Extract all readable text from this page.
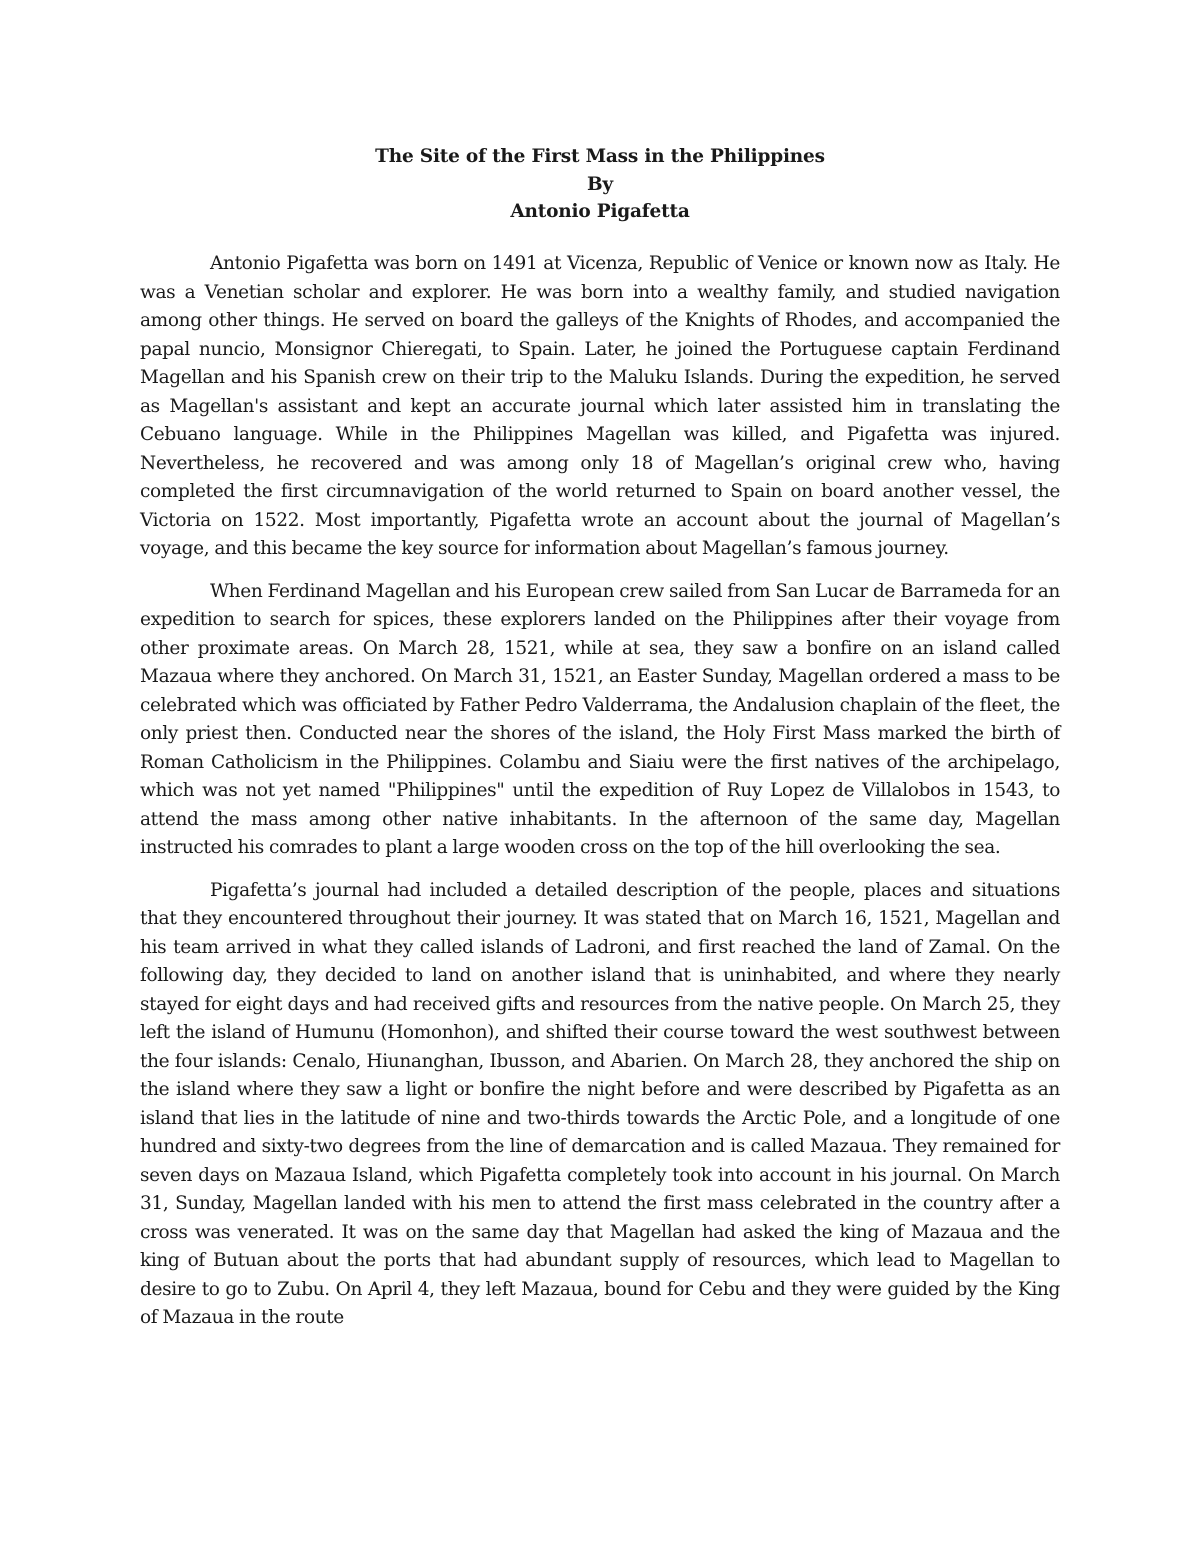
The Site of the First Mass in the Philippines
By
Antonio Pigafetta

Antonio Pigafetta was born on 1491 at Vicenza, Republic of Venice or known now as Italy. He was a Venetian scholar and explorer. He was born into a wealthy family, and studied navigation among other things. He served on board the galleys of the Knights of Rhodes, and accompanied the papal nuncio, Monsignor Chieregati, to Spain. Later, he joined the Portuguese captain Ferdinand Magellan and his Spanish crew on their trip to the Maluku Islands. During the expedition, he served as Magellan's assistant and kept an accurate journal which later assisted him in translating the Cebuano language. While in the Philippines Magellan was killed, and Pigafetta was injured. Nevertheless, he recovered and was among only 18 of Magellan’s original crew who, having completed the first circumnavigation of the world returned to Spain on board another vessel, the Victoria on 1522. Most importantly, Pigafetta wrote an account about the journal of Magellan’s voyage, and this became the key source for information about Magellan’s famous journey.

When Ferdinand Magellan and his European crew sailed from San Lucar de Barrameda for an expedition to search for spices, these explorers landed on the Philippines after their voyage from other proximate areas. On March 28, 1521, while at sea, they saw a bonfire on an island called Mazaua where they anchored. On March 31, 1521, an Easter Sunday, Magellan ordered a mass to be celebrated which was officiated by Father Pedro Valderrama, the Andalusion chaplain of the fleet, the only priest then. Conducted near the shores of the island, the Holy First Mass marked the birth of Roman Catholicism in the Philippines. Colambu and Siaiu were the first natives of the archipelago, which was not yet named "Philippines" until the expedition of Ruy Lopez de Villalobos in 1543, to attend the mass among other native inhabitants. In the afternoon of the same day, Magellan instructed his comrades to plant a large wooden cross on the top of the hill overlooking the sea.

Pigafetta’s journal had included a detailed description of the people, places and situations that they encountered throughout their journey. It was stated that on March 16, 1521, Magellan and his team arrived in what they called islands of Ladroni, and first reached the land of Zamal. On the following day, they decided to land on another island that is uninhabited, and where they nearly stayed for eight days and had received gifts and resources from the native people. On March 25, they left the island of Humunu (Homonhon), and shifted their course toward the west southwest between the four islands: Cenalo, Hiunanghan, Ibusson, and Abarien. On March 28, they anchored the ship on the island where they saw a light or bonfire the night before and were described by Pigafetta as an island that lies in the latitude of nine and two-thirds towards the Arctic Pole, and a longitude of one hundred and sixty-two degrees from the line of demarcation and is called Mazaua. They remained for seven days on Mazaua Island, which Pigafetta completely took into account in his journal. On March 31, Sunday, Magellan landed with his men to attend the first mass celebrated in the country after a cross was venerated. It was on the same day that Magellan had asked the king of Mazaua and the king of Butuan about the ports that had abundant supply of resources, which lead to Magellan to desire to go to Zubu. On April 4, they left Mazaua, bound for Cebu and they were guided by the King of Mazaua in the route
